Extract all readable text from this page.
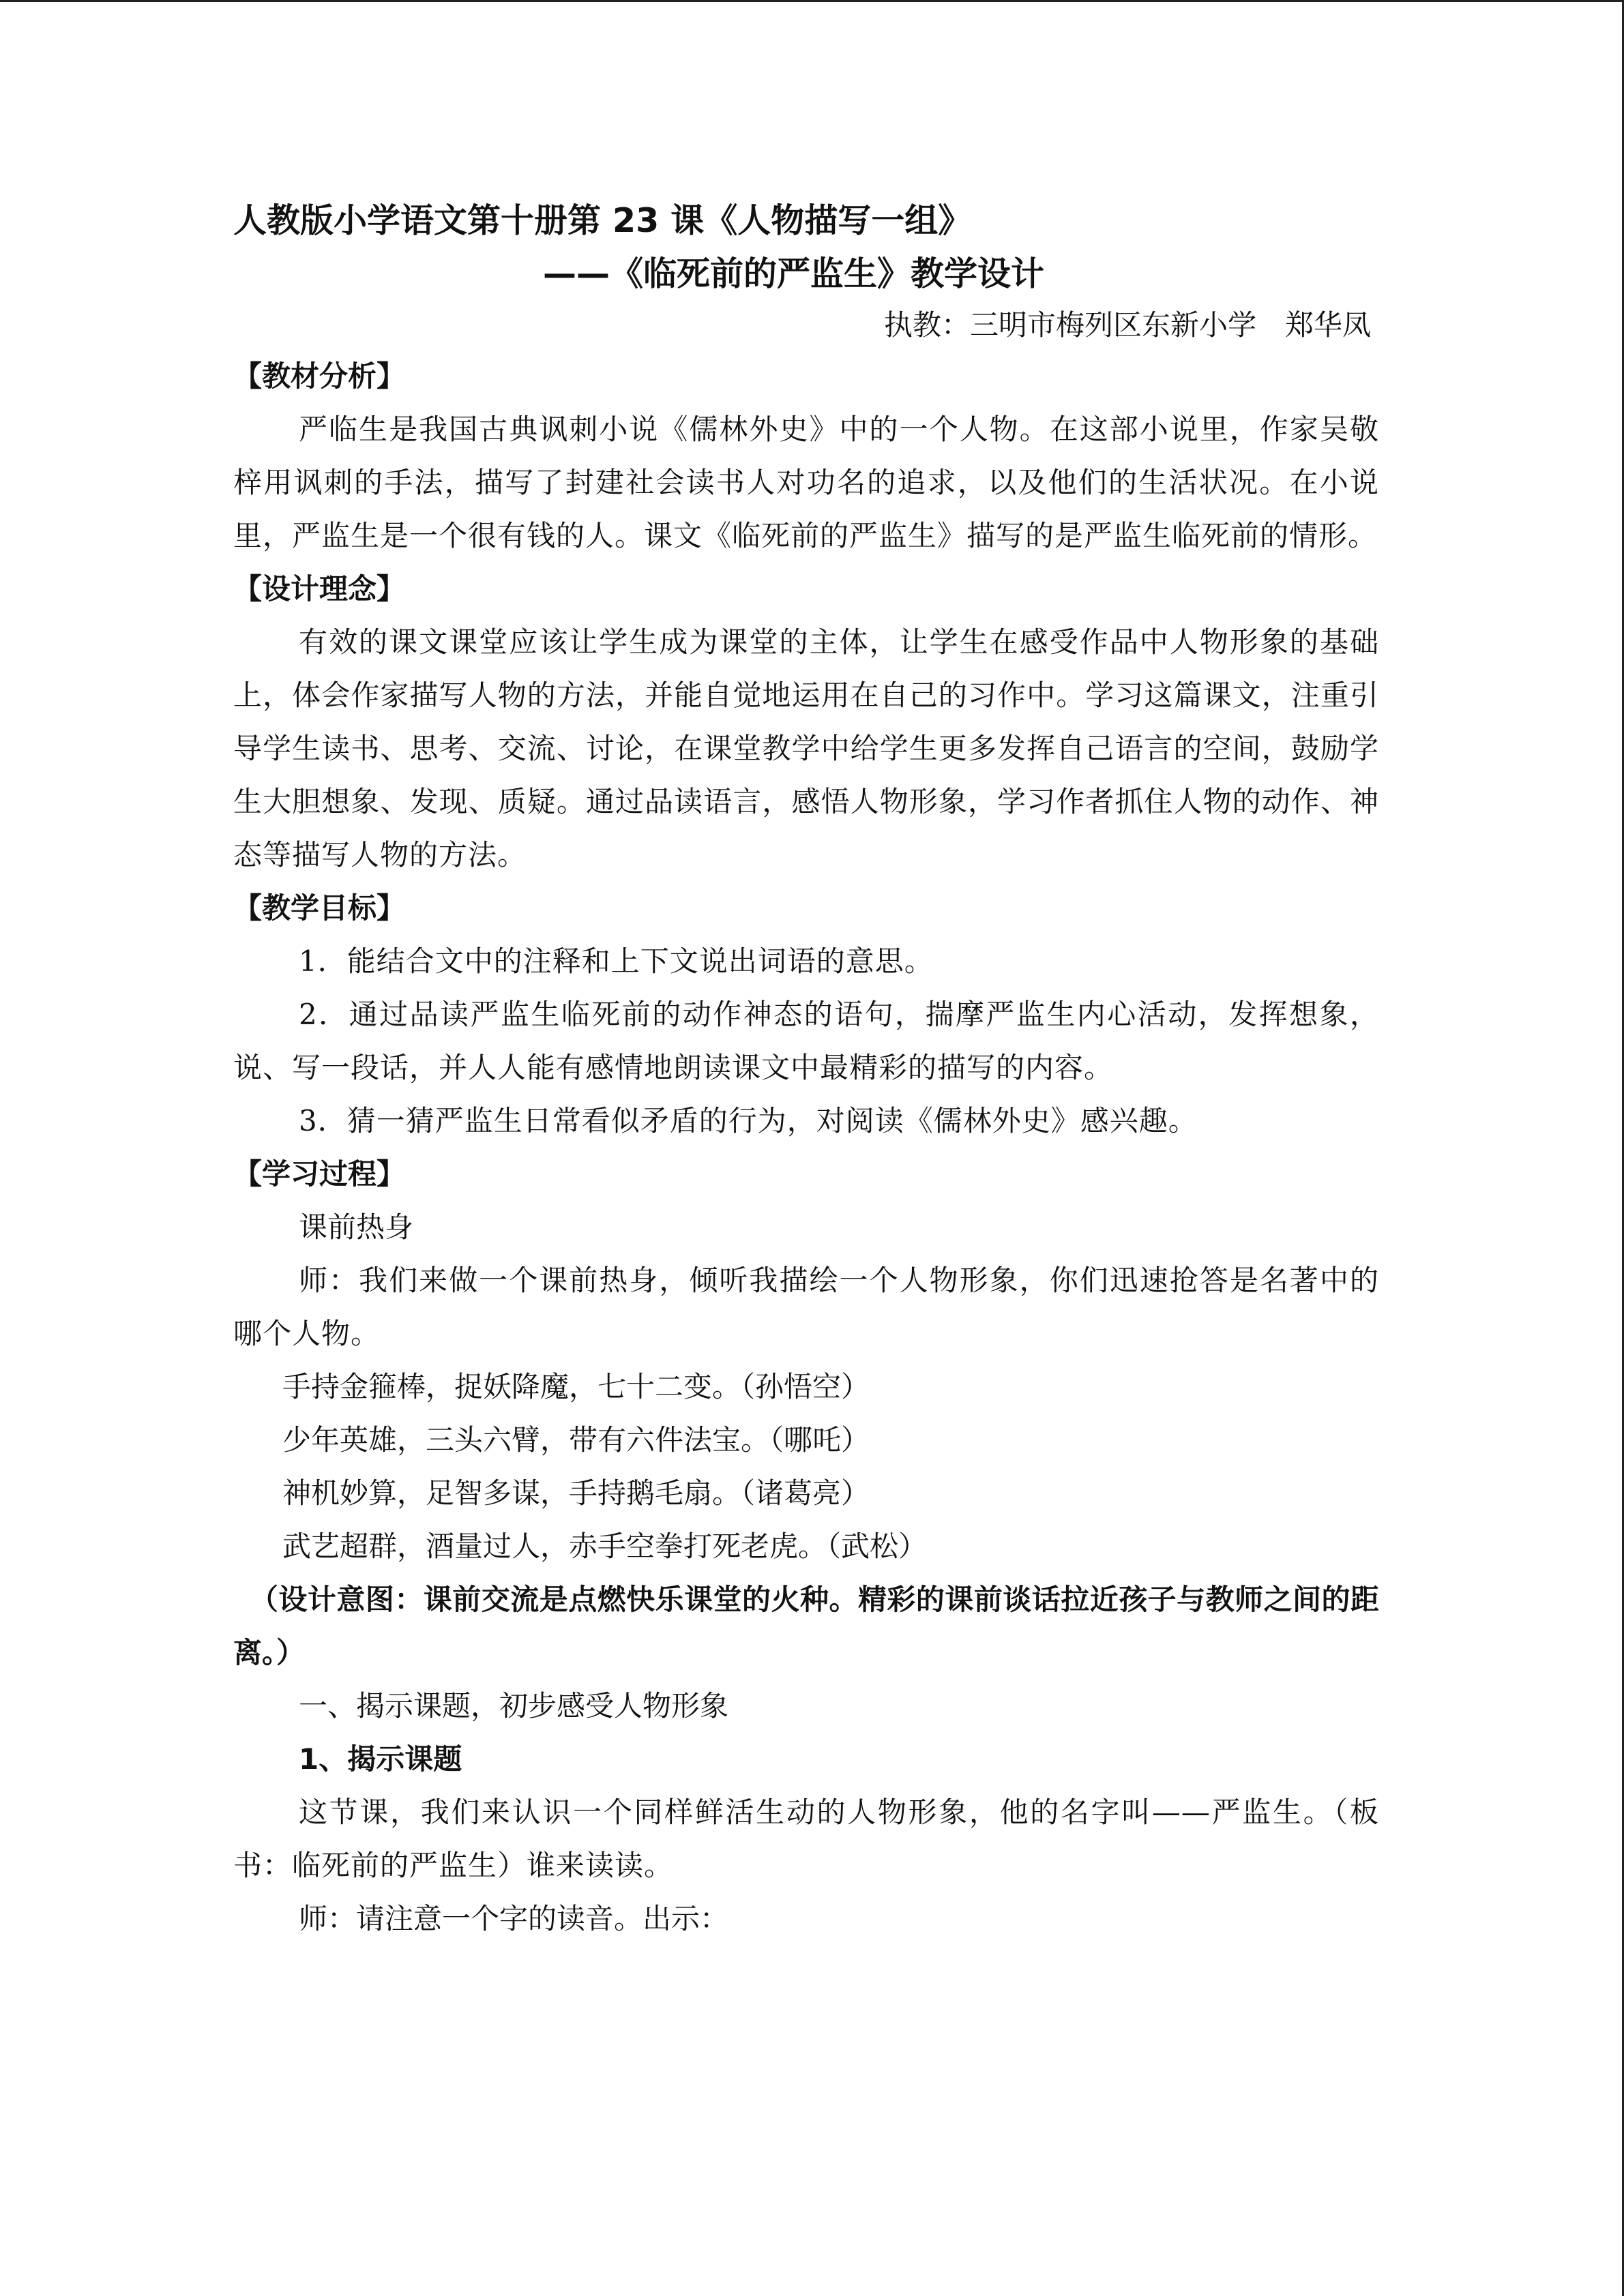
人教版小学语文第十册第 23 课《人物描写一组》

——《临死前的严监生》教学设计

执教：三明市梅列区东新小学　郑华凤

【教材分析】

严临生是我国古典讽刺小说《儒林外史》中的一个人物。在这部小说里，作家吴敬梓用讽刺的手法，描写了封建社会读书人对功名的追求，以及他们的生活状况。在小说里，严监生是一个很有钱的人。课文《临死前的严监生》描写的是严监生临死前的情形。

【设计理念】

有效的课文课堂应该让学生成为课堂的主体，让学生在感受作品中人物形象的基础上，体会作家描写人物的方法，并能自觉地运用在自己的习作中。学习这篇课文，注重引导学生读书、思考、交流、讨论，在课堂教学中给学生更多发挥自己语言的空间，鼓励学生大胆想象、发现、质疑。通过品读语言，感悟人物形象，学习作者抓住人物的动作、神态等描写人物的方法。

【教学目标】

1．能结合文中的注释和上下文说出词语的意思。

2．通过品读严监生临死前的动作神态的语句，揣摩严监生内心活动，发挥想象，说、写一段话，并人人能有感情地朗读课文中最精彩的描写的内容。

3．猜一猜严监生日常看似矛盾的行为，对阅读《儒林外史》感兴趣。

【学习过程】

课前热身

师：我们来做一个课前热身，倾听我描绘一个人物形象，你们迅速抢答是名著中的哪个人物。

手持金箍棒，捉妖降魔，七十二变。（孙悟空）

少年英雄，三头六臂，带有六件法宝。（哪吒）

神机妙算，足智多谋，手持鹅毛扇。（诸葛亮）

武艺超群，酒量过人，赤手空拳打死老虎。（武松）

（设计意图：课前交流是点燃快乐课堂的火种。精彩的课前谈话拉近孩子与教师之间的距离。）

一、揭示课题，初步感受人物形象

1、揭示课题

这节课，我们来认识一个同样鲜活生动的人物形象，他的名字叫——严监生。（板书：临死前的严监生）谁来读读。

师：请注意一个字的读音。出示：
